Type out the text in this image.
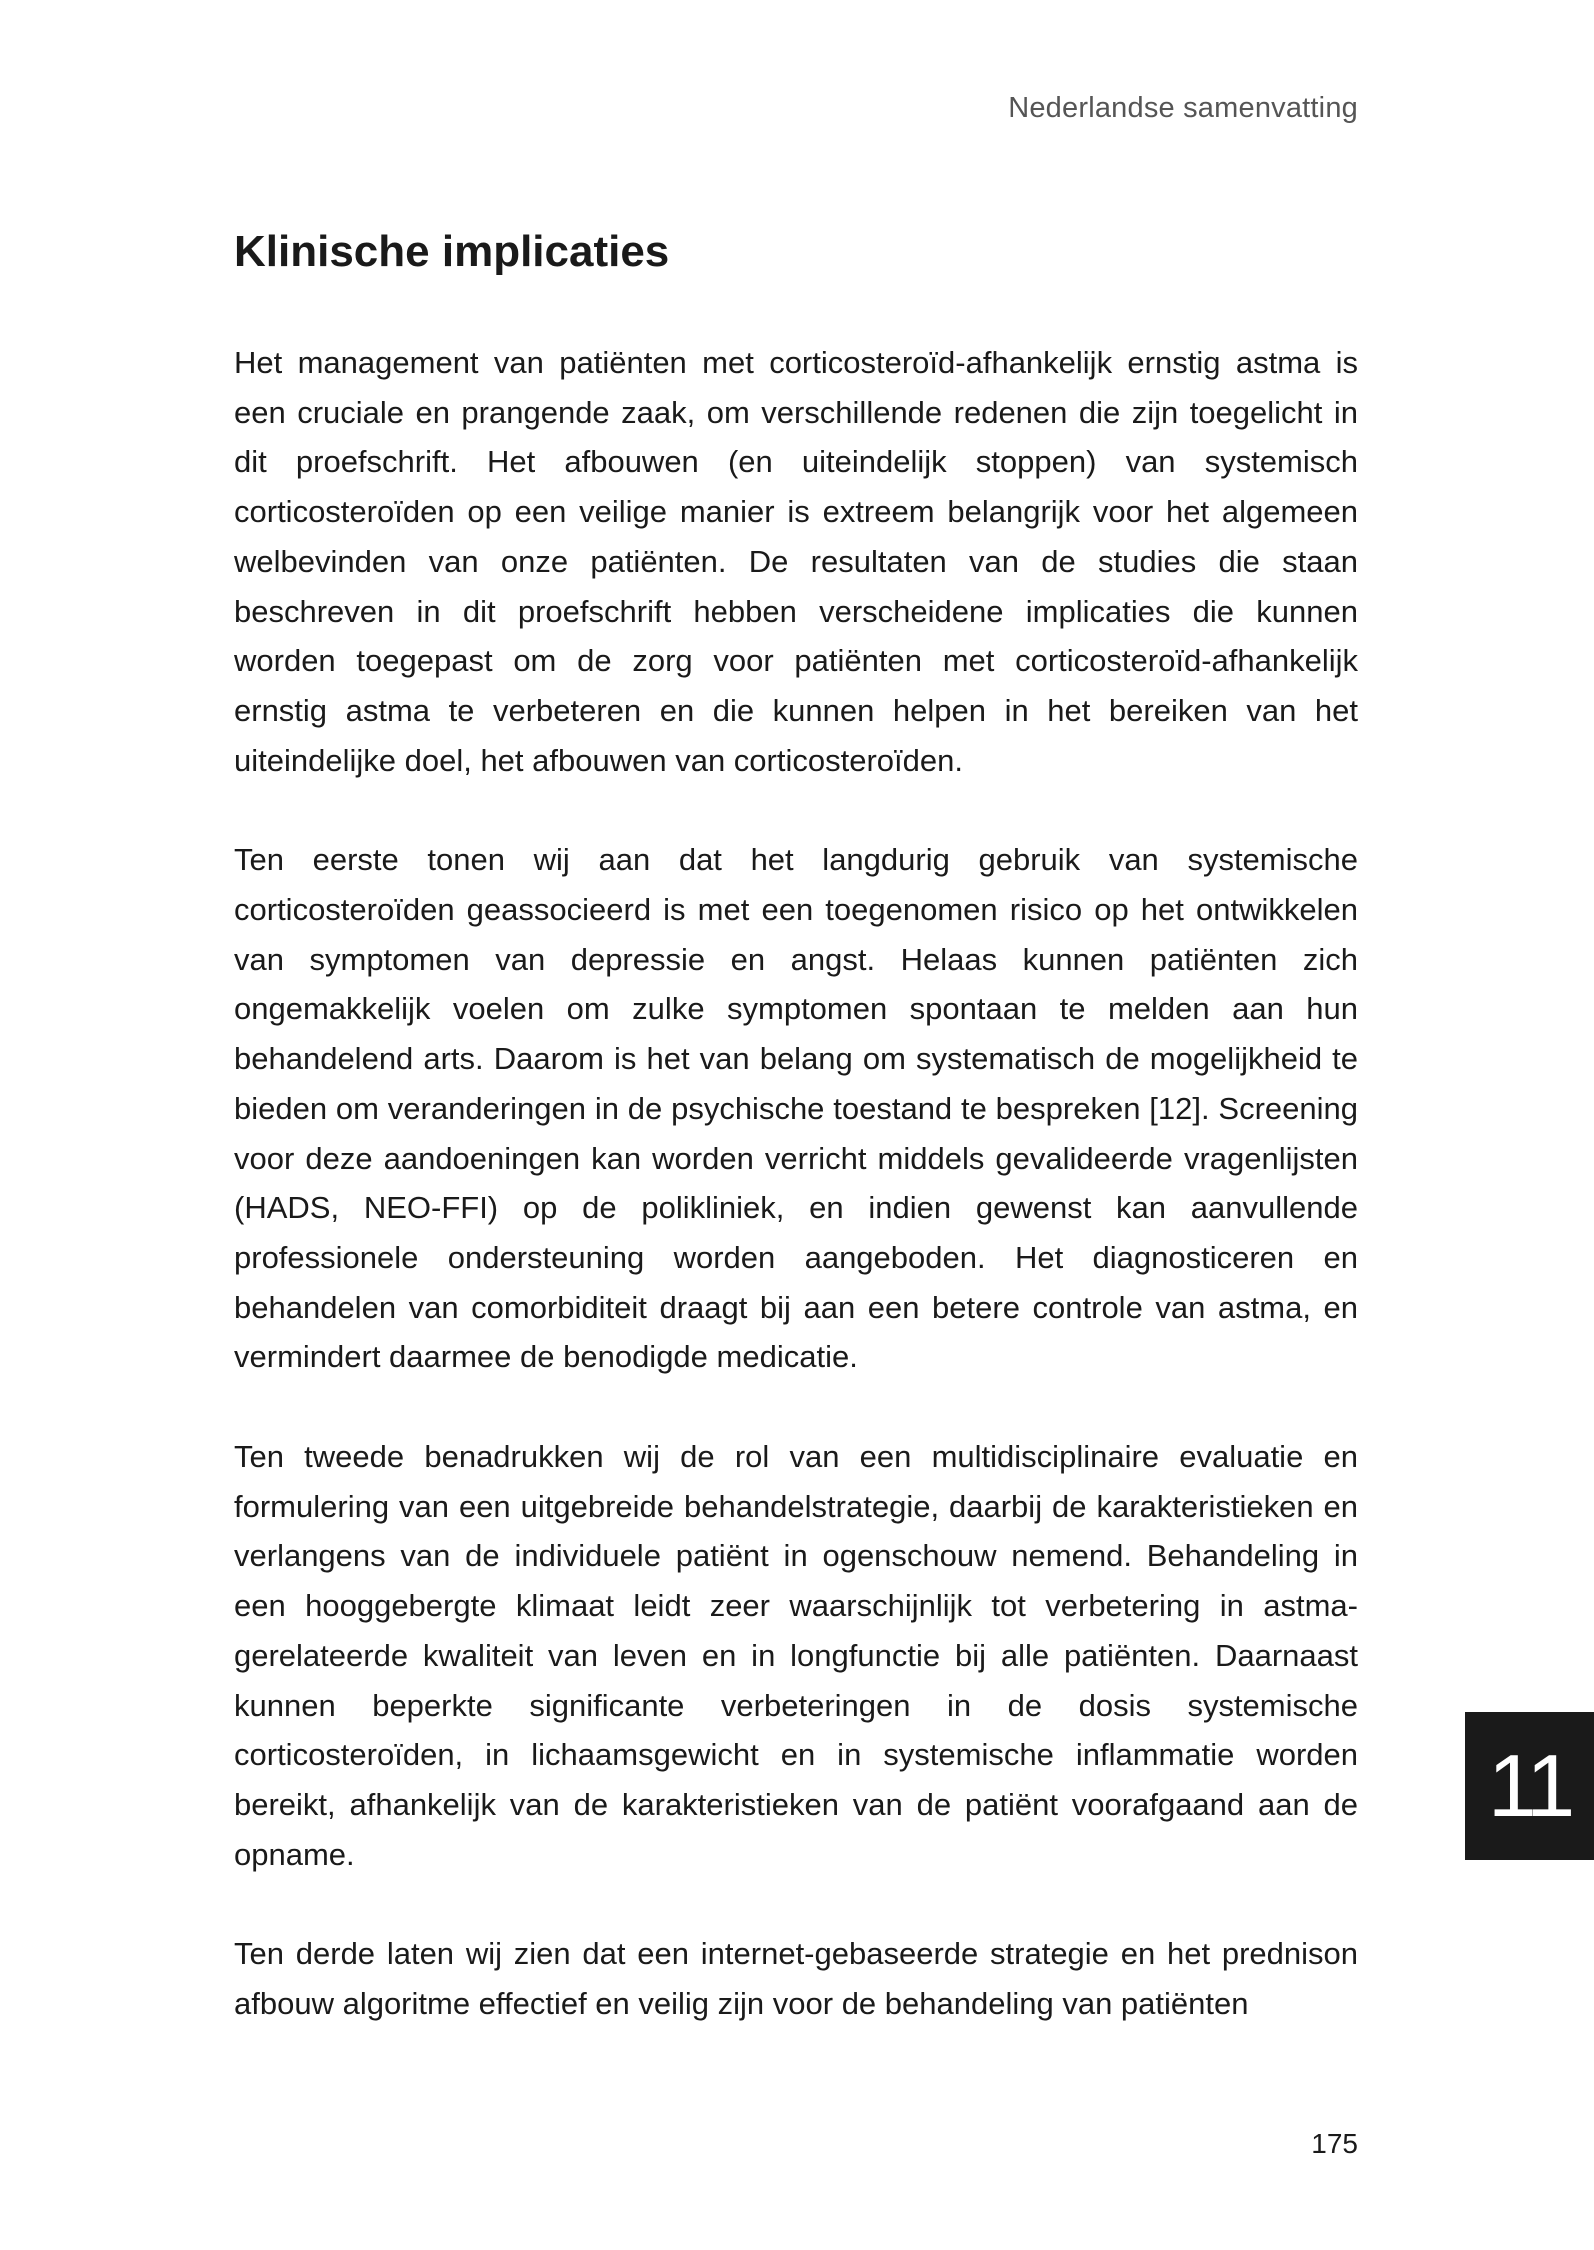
Nederlandse samenvatting
Klinische implicaties

Het management van patiënten met corticosteroïd-afhankelijk ernstig astma is een cruciale en prangende zaak, om verschillende redenen die zijn toegelicht in dit proefschrift. Het afbouwen (en uiteindelijk stoppen) van systemisch corticosteroïden op een veilige manier is extreem belangrijk voor het algemeen welbevinden van onze patiënten. De resultaten van de studies die staan beschreven in dit proefschrift hebben verscheidene implicaties die kunnen worden toegepast om de zorg voor patiënten met corticosteroïd-afhankelijk ernstig astma te verbeteren en die kunnen helpen in het bereiken van het uiteindelijke doel, het afbouwen van corticosteroïden.

Ten eerste tonen wij aan dat het langdurig gebruik van systemische corticosteroïden geassocieerd is met een toegenomen risico op het ontwikkelen van symptomen van depressie en angst. Helaas kunnen patiënten zich ongemakkelijk voelen om zulke symptomen spontaan te melden aan hun behandelend arts. Daarom is het van belang om systematisch de mogelijkheid te bieden om veranderingen in de psychische toestand te bespreken [12]. Screening voor deze aandoeningen kan worden verricht middels gevalideerde vragenlijsten (HADS, NEO-FFI) op de polikliniek, en indien gewenst kan aanvullende professionele ondersteuning worden aangeboden. Het diagnosticeren en behandelen van comorbiditeit draagt bij aan een betere controle van astma, en vermindert daarmee de benodigde medicatie.

Ten tweede benadrukken wij de rol van een multidisciplinaire evaluatie en formulering van een uitgebreide behandelstrategie, daarbij de karakteristieken en verlangens van de individuele patiënt in ogenschouw nemend. Behandeling in een hooggebergte klimaat leidt zeer waarschijnlijk tot verbetering in astma-gerelateerde kwaliteit van leven en in longfunctie bij alle patiënten. Daarnaast kunnen beperkte significante verbeteringen in de dosis systemische corticosteroïden, in lichaamsgewicht en in systemische inflammatie worden bereikt, afhankelijk van de karakteristieken van de patiënt voorafgaand aan de opname.

Ten derde laten wij zien dat een internet-gebaseerde strategie en het prednison afbouw algoritme effectief en veilig zijn voor de behandeling van patiënten

11
175
